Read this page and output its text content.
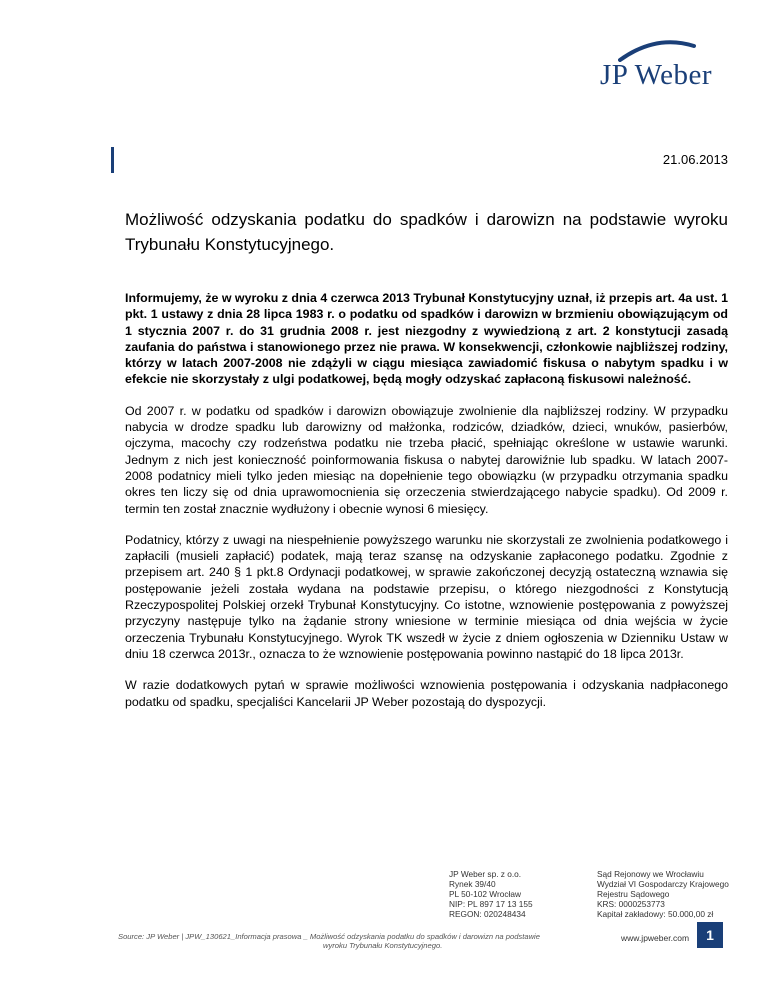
JP Weber
21.06.2013
Możliwość odzyskania podatku do spadków i darowizn na podstawie wyroku Trybunału Konstytucyjnego.

Informujemy, że w wyroku z dnia 4 czerwca 2013 Trybunał Konstytucyjny uznał, iż przepis art. 4a ust. 1 pkt. 1 ustawy z dnia 28 lipca 1983 r. o podatku od spadków i darowizn w brzmieniu obowiązującym od 1 stycznia 2007 r. do 31 grudnia 2008 r. jest niezgodny z wywiedzioną z art. 2 konstytucji zasadą zaufania do państwa i stanowionego przez nie prawa. W konsekwencji, członkowie najbliższej rodziny, którzy w latach 2007-2008 nie zdążyli w ciągu miesiąca zawiadomić fiskusa o nabytym spadku i w efekcie nie skorzystały z ulgi podatkowej, będą mogły odzyskać zapłaconą fiskusowi należność.

Od 2007 r. w podatku od spadków i darowizn obowiązuje zwolnienie dla najbliższej rodziny. W przypadku nabycia w drodze spadku lub darowizny od małżonka, rodziców, dziadków, dzieci, wnuków, pasierbów, ojczyma, macochy czy rodzeństwa podatku nie trzeba płacić, spełniając określone w ustawie warunki. Jednym z nich jest konieczność poinformowania fiskusa o nabytej darowiźnie lub spadku. W latach 2007-2008 podatnicy mieli tylko jeden miesiąc na dopełnienie tego obowiązku (w przypadku otrzymania spadku okres ten liczy się od dnia uprawomocnienia się orzeczenia stwierdzającego nabycie spadku). Od 2009 r. termin ten został znacznie wydłużony i obecnie wynosi 6 miesięcy.

Podatnicy, którzy z uwagi na niespełnienie powyższego warunku nie skorzystali ze zwolnienia podatkowego i zapłacili (musieli zapłacić) podatek, mają teraz szansę na odzyskanie zapłaconego podatku. Zgodnie z przepisem art. 240 § 1 pkt.8 Ordynacji podatkowej, w sprawie zakończonej decyzją ostateczną wznawia się postępowanie jeżeli została wydana na podstawie przepisu, o którego niezgodności z Konstytucją Rzeczypospolitej Polskiej orzekł Trybunał Konstytucyjny. Co istotne, wznowienie postępowania z powyższej przyczyny następuje tylko na żądanie strony wniesione w terminie miesiąca od dnia wejścia w życie orzeczenia Trybunału Konstytucyjnego. Wyrok TK wszedł w życie z dniem ogłoszenia w Dzienniku Ustaw w dniu 18 czerwca 2013r., oznacza to że wznowienie postępowania powinno nastąpić do 18 lipca 2013r.

W razie dodatkowych pytań w sprawie możliwości wznowienia postępowania i odzyskania nadpłaconego podatku od spadku, specjaliści Kancelarii JP Weber pozostają do dyspozycji.

JP Weber sp. z o.o.
Rynek 39/40
PL 50-102 Wrocław
NIP: PL 897 17 13 155
REGON: 020248434
Sąd Rejonowy we Wrocławiu
Wydział VI Gospodarczy Krajowego
Rejestru Sądowego
KRS: 0000253773
Kapitał zakładowy: 50.000,00 zł
Source: JP Weber | JPW_130621_Informacja prasowa _ Możliwość odzyskania podatku do spadków i darowizn na podstawie
wyroku Trybunału Konstytucyjnego.
www.jpweber.com	1
